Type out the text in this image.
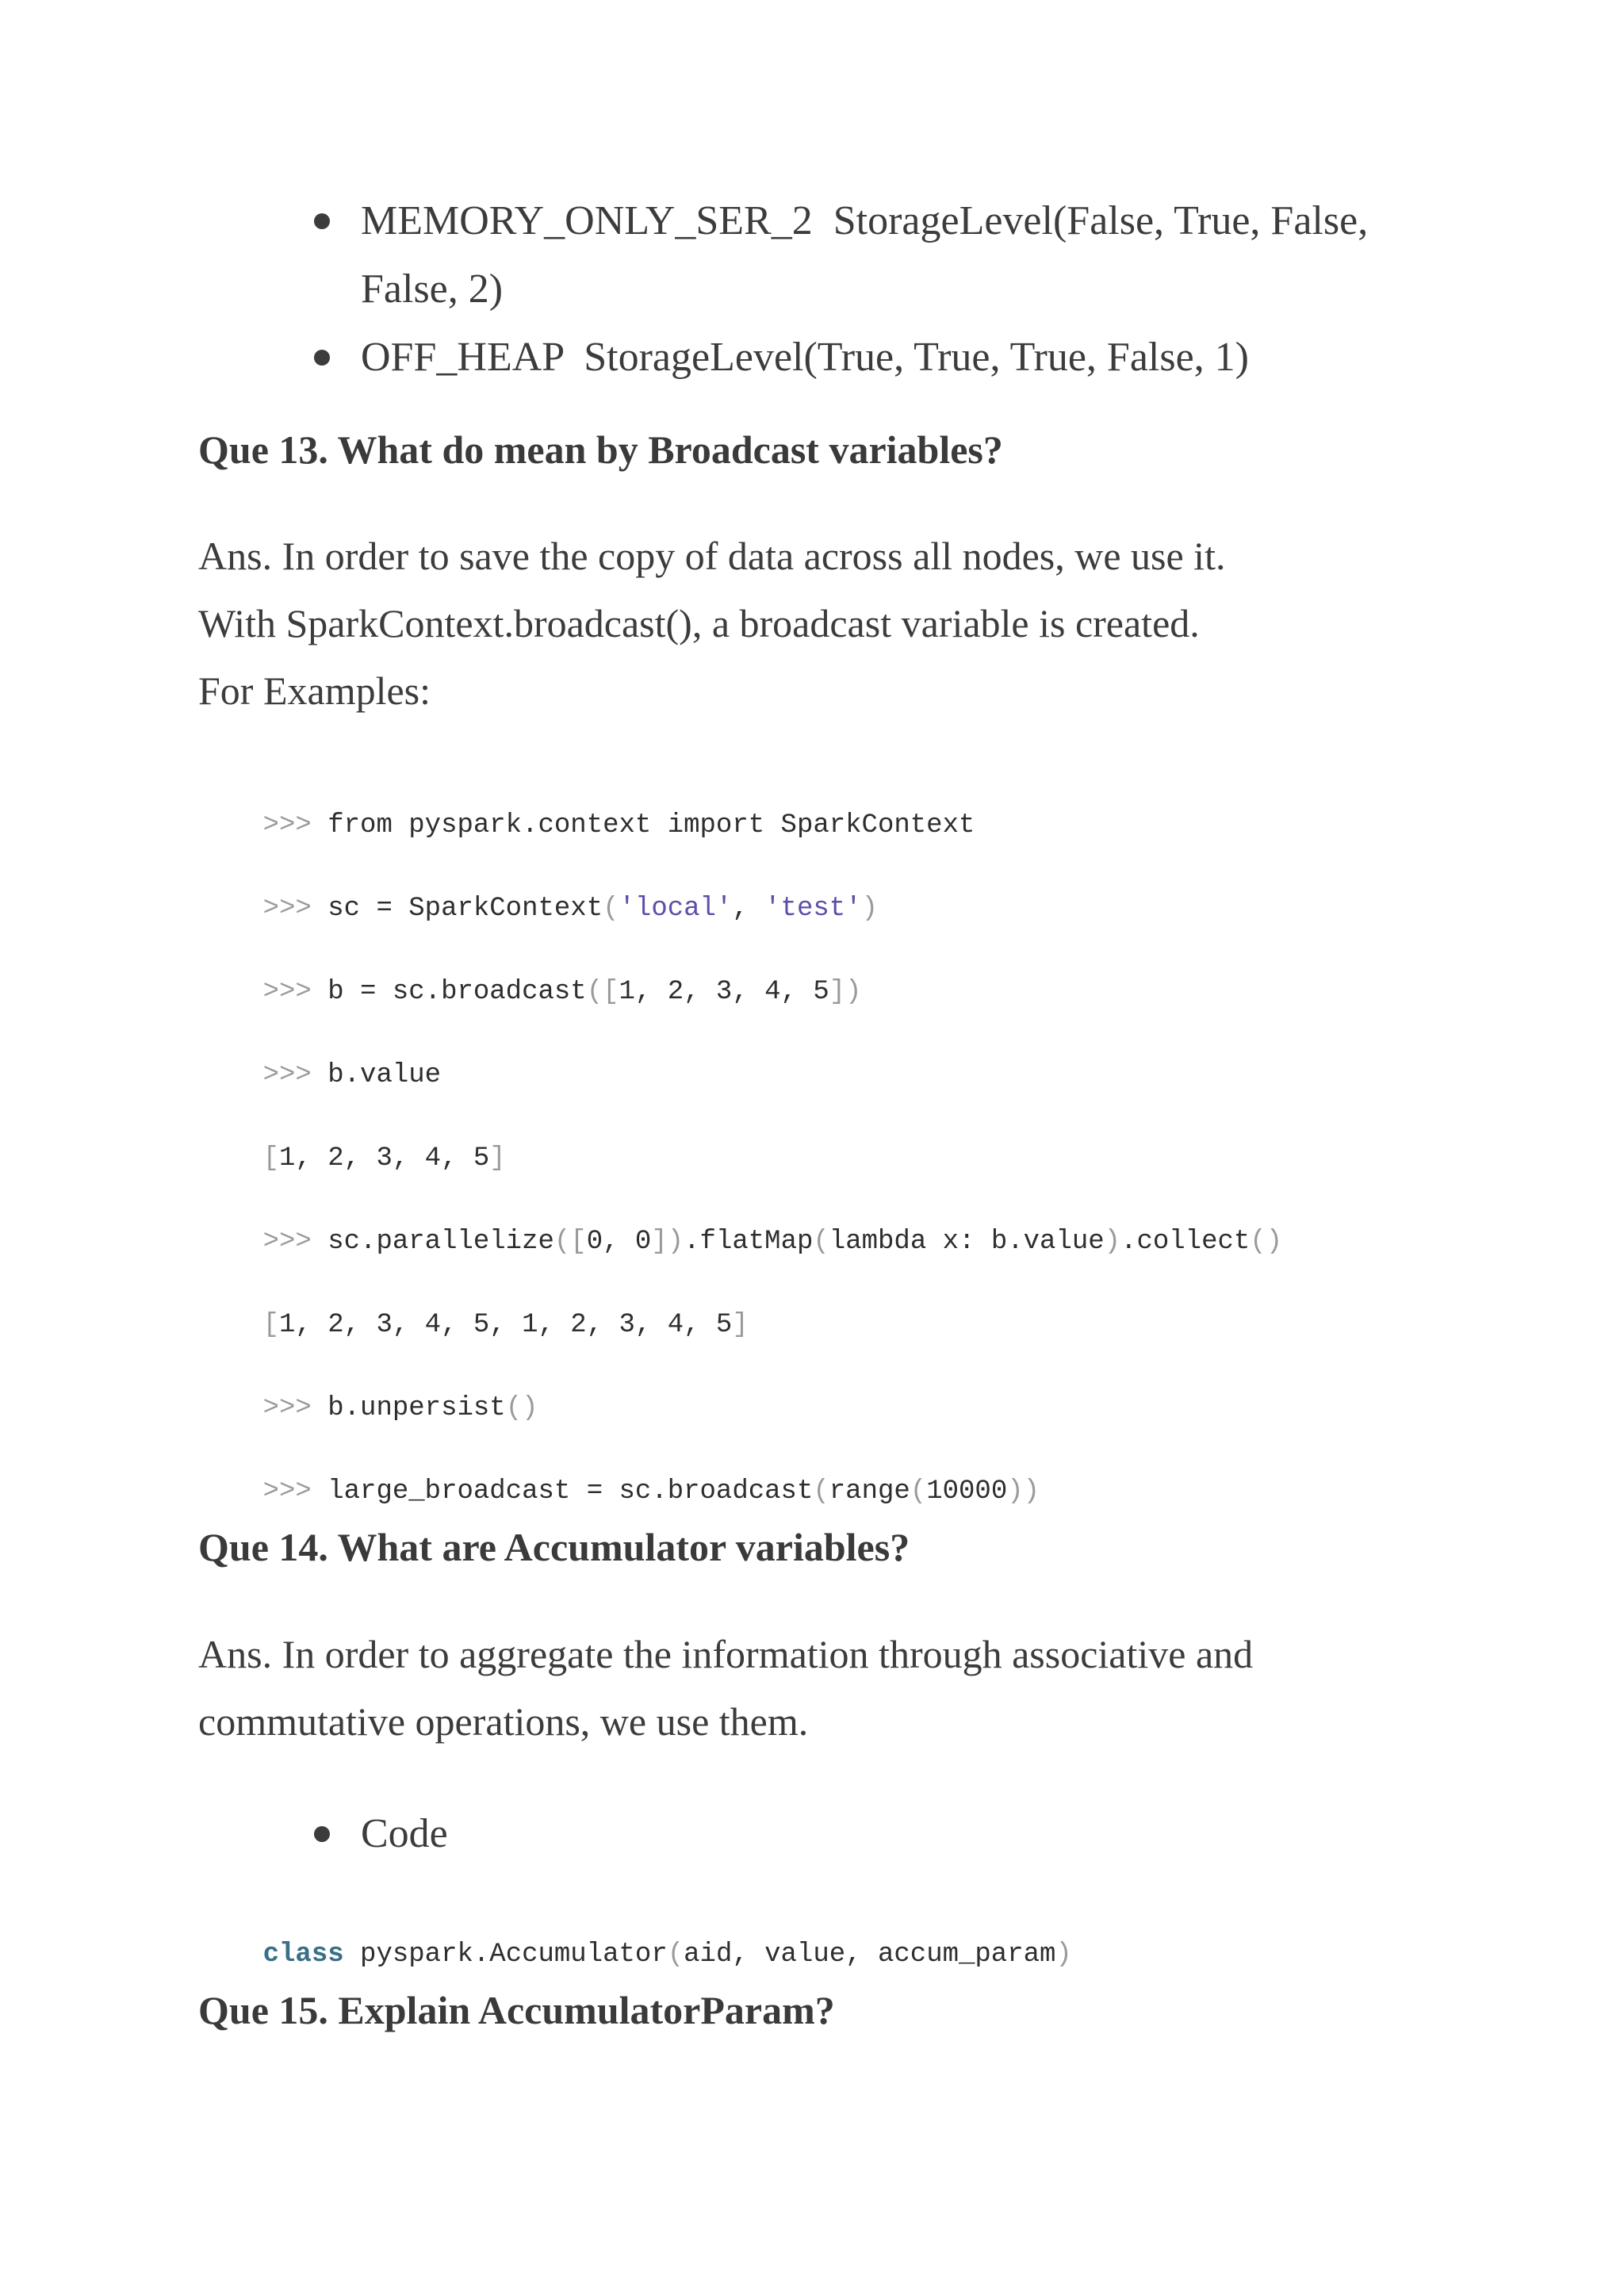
MEMORY_ONLY_SER_2  StorageLevel(False, True, False,
False, 2)
OFF_HEAP  StorageLevel(True, True, True, False, 1)
Que 13. What do mean by Broadcast variables?
Ans. In order to save the copy of data across all nodes, we use it.
With SparkContext.broadcast(), a broadcast variable is created.
For Examples:

>>> from pyspark.context import SparkContext

>>> sc = SparkContext('local', 'test')

>>> b = sc.broadcast([1, 2, 3, 4, 5])

>>> b.value

[1, 2, 3, 4, 5]

>>> sc.parallelize([0, 0]).flatMap(lambda x: b.value).collect()

[1, 2, 3, 4, 5, 1, 2, 3, 4, 5]

>>> b.unpersist()

>>> large_broadcast = sc.broadcast(range(10000))

Que 14. What are Accumulator variables?
Ans. In order to aggregate the information through associative and
commutative operations, we use them.
Code

class pyspark.Accumulator(aid, value, accum_param)

Que 15. Explain AccumulatorParam?
